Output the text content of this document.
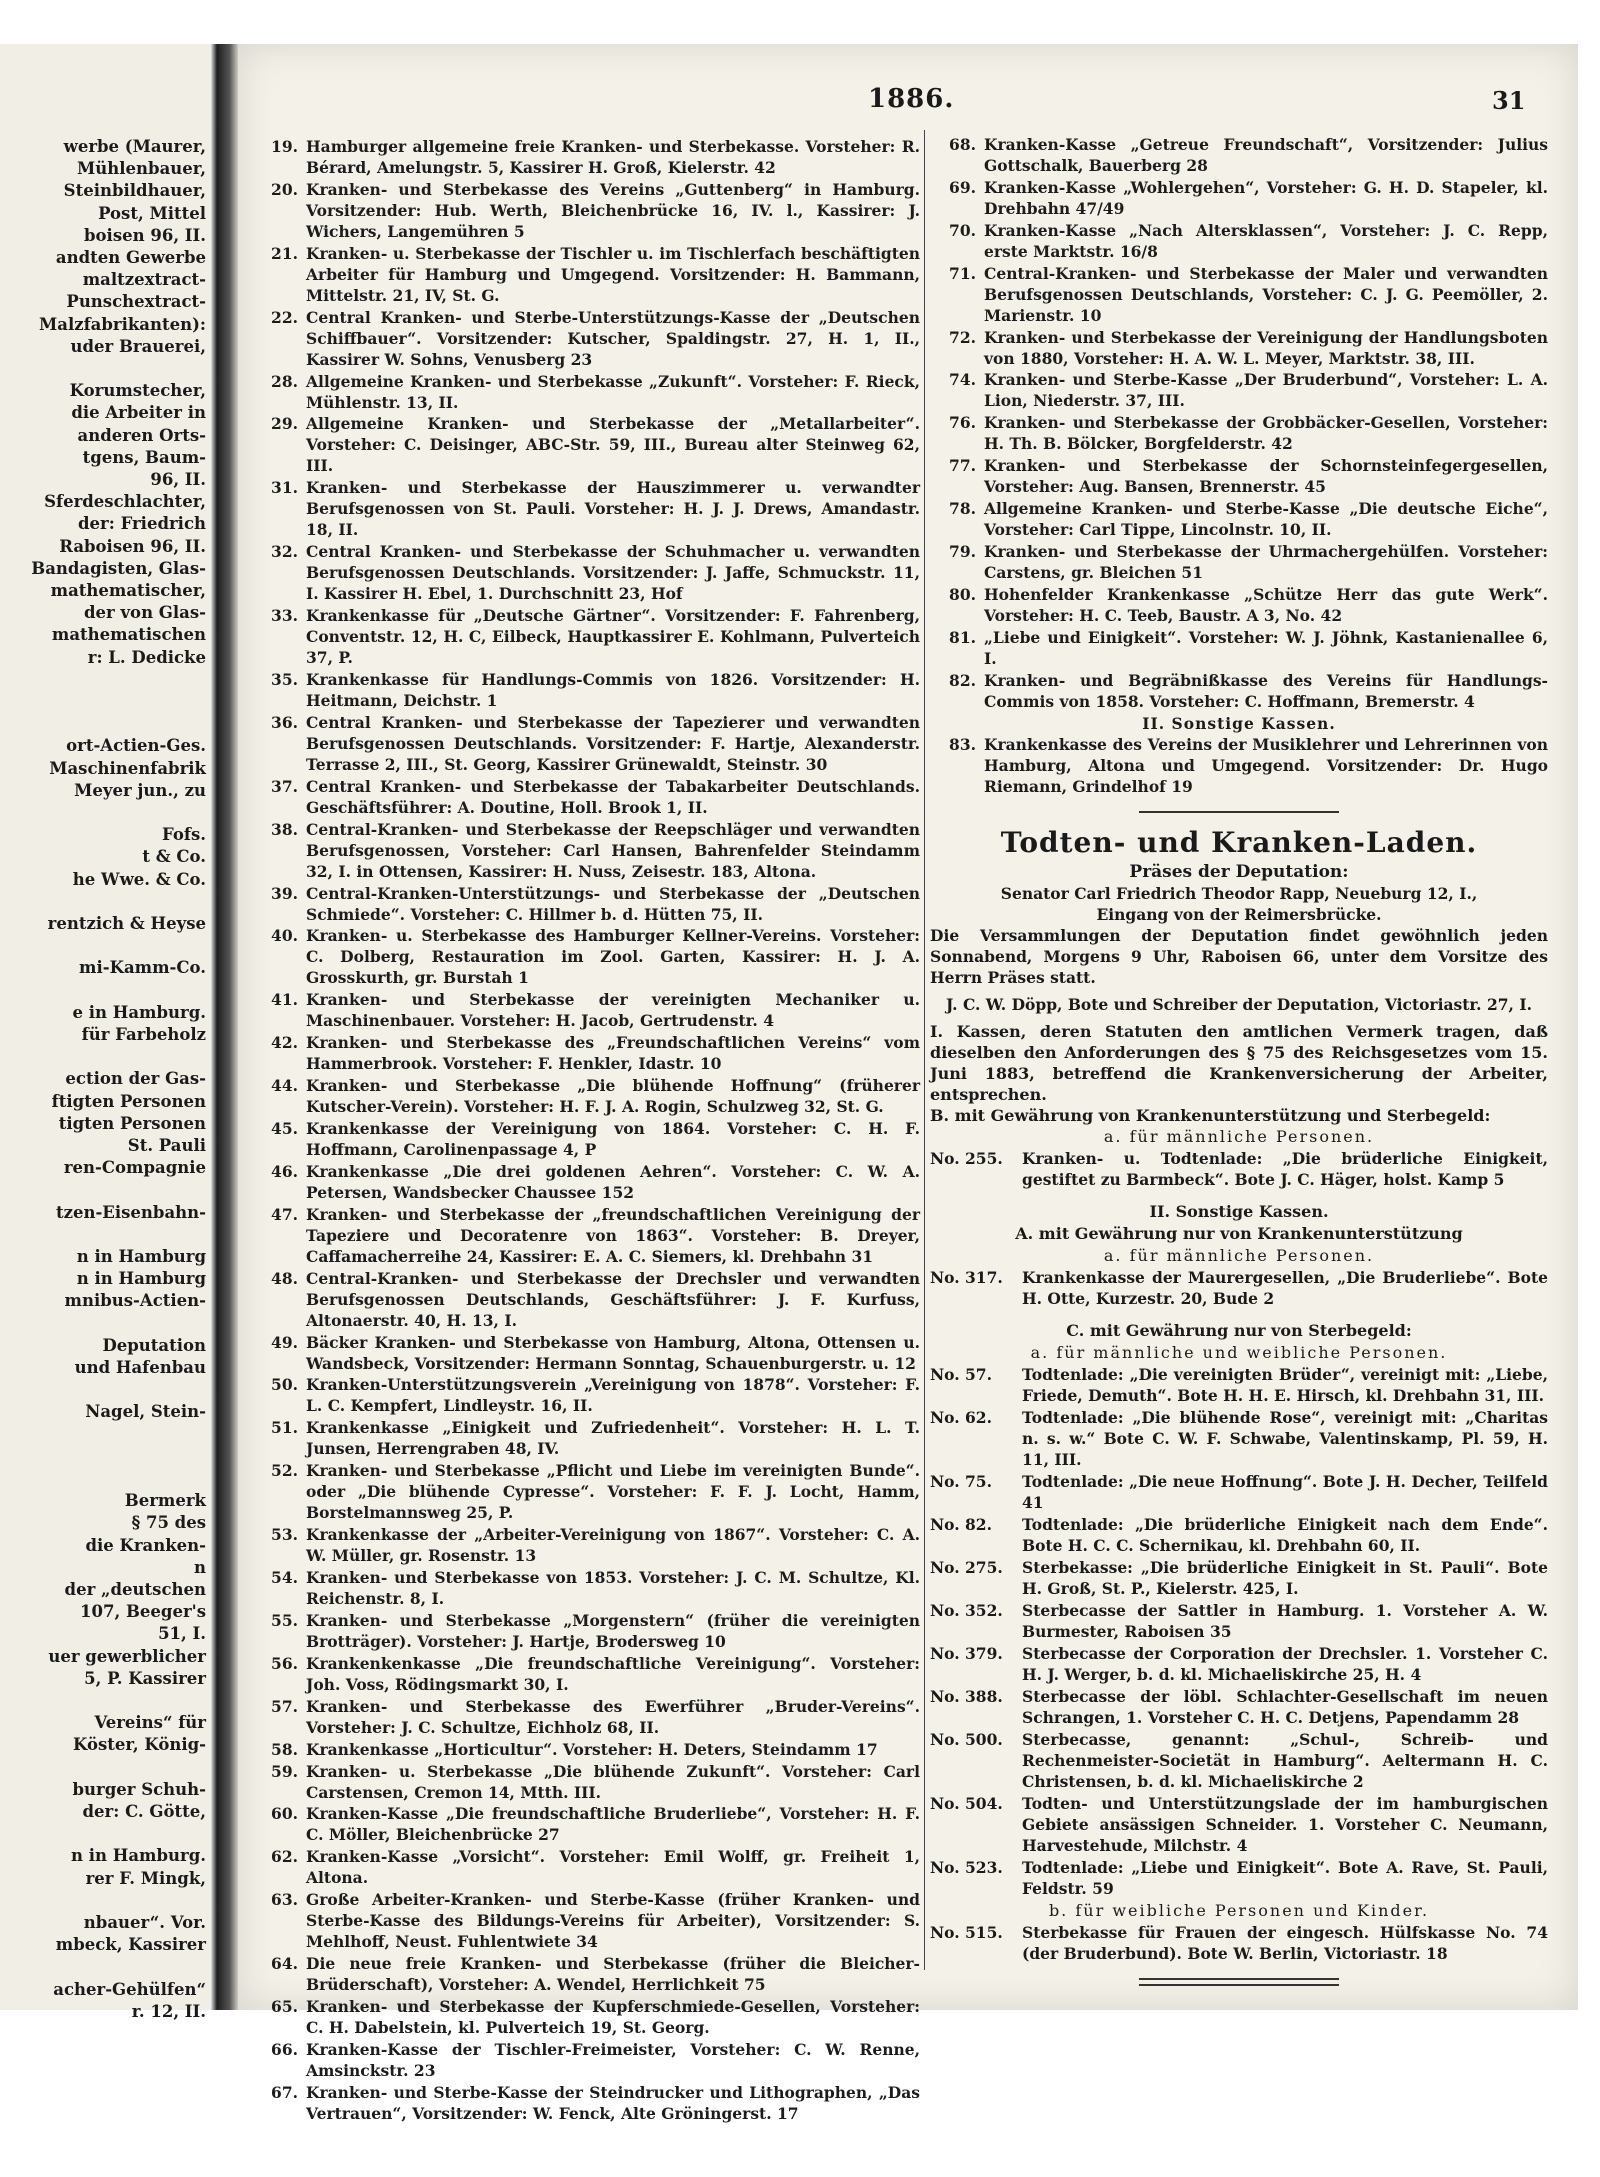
werbe (Maurer,
Mühlenbauer,
Steinbildhauer,
Post, Mittel
boisen 96, II.
andten Gewerbe
maltzextract-
Punschextract-
Malzfabrikanten):
uder Brauerei,
Korumstecher,
die Arbeiter in
anderen Orts-
tgens, Baum-
96, II.
Sferdeschlachter,
der: Friedrich
Raboisen 96, II.
Bandagisten, Glas-
mathematischer,
der von Glas-
mathematischen
r: L. Dedicke
ort-Actien-Ges.
Maschinenfabrik
Meyer jun., zu
Fofs.
t & Co.
he Wwe. & Co.
rentzich & Heyse
mi-Kamm-Co.
e in Hamburg.
für Farbeholz
ection der Gas-
ftigten Personen
tigten Personen
St. Pauli
ren-Compagnie
tzen-Eisenbahn-
n in Hamburg
n in Hamburg
mnibus-Actien-
Deputation
und Hafenbau
Nagel, Stein-
Bermerk
§ 75 des
die Kranken-
n
der „deutschen
107, Beeger's
51, I.
uer gewerblicher
5, P. Kassirer
Vereins“ für
Köster, König-
burger Schuh-
der: C. Götte,
n in Hamburg.
rer F. Mingk,
nbauer“. Vor.
mbeck, Kassirer
acher-Gehülfen“
r. 12, II.
1886.	31
19. Hamburger allgemeine freie Kranken- und Sterbekasse. Vorsteher: R. Bérard, Amelungstr. 5, Kassirer H. Groß, Kielerstr. 42
20. Kranken- und Sterbekasse des Vereins „Guttenberg“ in Hamburg. Vorsitzender: Hub. Werth, Bleichenbrücke 16, IV. l., Kassirer: J. Wichers, Langemühren 5
21. Kranken- u. Sterbekasse der Tischler u. im Tischlerfach beschäftigten Arbeiter für Hamburg und Umgegend. Vorsitzender: H. Bammann, Mittelstr. 21, IV, St. G.
22. Central Kranken- und Sterbe-Unterstützungs-Kasse der „Deutschen Schiffbauer“. Vorsitzender: Kutscher, Spaldingstr. 27, H. 1, II., Kassirer W. Sohns, Venusberg 23
28. Allgemeine Kranken- und Sterbekasse „Zukunft“. Vorsteher: F. Rieck, Mühlenstr. 13, II.
29. Allgemeine Kranken- und Sterbekasse der „Metallarbeiter“. Vorsteher: C. Deisinger, ABC-Str. 59, III., Bureau alter Steinweg 62, III.
31. Kranken- und Sterbekasse der Hauszimmerer u. verwandter Berufsgenossen von St. Pauli. Vorsteher: H. J. J. Drews, Amandastr. 18, II.
32. Central Kranken- und Sterbekasse der Schuhmacher u. verwandten Berufsgenossen Deutschlands. Vorsitzender: J. Jaffe, Schmuckstr. 11, I. Kassirer H. Ebel, 1. Durchschnitt 23, Hof
33. Krankenkasse für „Deutsche Gärtner“. Vorsitzender: F. Fahrenberg, Conventstr. 12, H. C, Eilbeck, Hauptkassirer E. Kohlmann, Pulverteich 37, P.
35. Krankenkasse für Handlungs-Commis von 1826. Vorsitzender: H. Heitmann, Deichstr. 1
36. Central Kranken- und Sterbekasse der Tapezierer und verwandten Berufsgenossen Deutschlands. Vorsitzender: F. Hartje, Alexanderstr. Terrasse 2, III., St. Georg, Kassirer Grünewaldt, Steinstr. 30
37. Central Kranken- und Sterbekasse der Tabakarbeiter Deutschlands. Geschäftsführer: A. Doutine, Holl. Brook 1, II.
38. Central-Kranken- und Sterbekasse der Reepschläger und verwandten Berufsgenossen, Vorsteher: Carl Hansen, Bahrenfelder Steindamm 32, I. in Ottensen, Kassirer: H. Nuss, Zeisestr. 183, Altona.
39. Central-Kranken-Unterstützungs- und Sterbekasse der „Deutschen Schmiede“. Vorsteher: C. Hillmer b. d. Hütten 75, II.
40. Kranken- u. Sterbekasse des Hamburger Kellner-Vereins. Vorsteher: C. Dolberg, Restauration im Zool. Garten, Kassirer: H. J. A. Grosskurth, gr. Burstah 1
41. Kranken- und Sterbekasse der vereinigten Mechaniker u. Maschinenbauer. Vorsteher: H. Jacob, Gertrudenstr. 4
42. Kranken- und Sterbekasse des „Freundschaftlichen Vereins“ vom Hammerbrook. Vorsteher: F. Henkler, Idastr. 10
44. Kranken- und Sterbekasse „Die blühende Hoffnung“ (früherer Kutscher-Verein). Vorsteher: H. F. J. A. Rogin, Schulzweg 32, St. G.
45. Krankenkasse der Vereinigung von 1864. Vorsteher: C. H. F. Hoffmann, Carolinenpassage 4, P
46. Krankenkasse „Die drei goldenen Aehren“. Vorsteher: C. W. A. Petersen, Wandsbecker Chaussee 152
47. Kranken- und Sterbekasse der „freundschaftlichen Vereinigung der Tapeziere und Decoratenre von 1863“. Vorsteher: B. Dreyer, Caffamacherreihe 24, Kassirer: E. A. C. Siemers, kl. Drehbahn 31
48. Central-Kranken- und Sterbekasse der Drechsler und verwandten Berufsgenossen Deutschlands, Geschäftsführer: J. F. Kurfuss, Altonaerstr. 40, H. 13, I.
49. Bäcker Kranken- und Sterbekasse von Hamburg, Altona, Ottensen u. Wandsbeck, Vorsitzender: Hermann Sonntag, Schauenburgerstr. u. 12
50. Kranken-Unterstützungsverein „Vereinigung von 1878“. Vorsteher: F. L. C. Kempfert, Lindleystr. 16, II.
51. Krankenkasse „Einigkeit und Zufriedenheit“. Vorsteher: H. L. T. Junsen, Herrengraben 48, IV.
52. Kranken- und Sterbekasse „Pflicht und Liebe im vereinigten Bunde“. oder „Die blühende Cypresse“. Vorsteher: F. F. J. Locht, Hamm, Borstelmannsweg 25, P.
53. Krankenkasse der „Arbeiter-Vereinigung von 1867“. Vorsteher: C. A. W. Müller, gr. Rosenstr. 13
54. Kranken- und Sterbekasse von 1853. Vorsteher: J. C. M. Schultze, Kl. Reichenstr. 8, I.
55. Kranken- und Sterbekasse „Morgenstern“ (früher die vereinigten Brotträger). Vorsteher: J. Hartje, Brodersweg 10
56. Krankenkenkasse „Die freundschaftliche Vereinigung“. Vorsteher: Joh. Voss, Rödingsmarkt 30, I.
57. Kranken- und Sterbekasse des Ewerführer „Bruder-Vereins“. Vorsteher: J. C. Schultze, Eichholz 68, II.
58. Krankenkasse „Horticultur“. Vorsteher: H. Deters, Steindamm 17
59. Kranken- u. Sterbekasse „Die blühende Zukunft“. Vorsteher: Carl Carstensen, Cremon 14, Mtth. III.
60. Kranken-Kasse „Die freundschaftliche Bruderliebe“, Vorsteher: H. F. C. Möller, Bleichenbrücke 27
62. Kranken-Kasse „Vorsicht“. Vorsteher: Emil Wolff, gr. Freiheit 1, Altona.
63. Große Arbeiter-Kranken- und Sterbe-Kasse (früher Kranken- und Sterbe-Kasse des Bildungs-Vereins für Arbeiter), Vorsitzender: S. Mehlhoff, Neust. Fuhlentwiete 34
64. Die neue freie Kranken- und Sterbekasse (früher die Bleicher-Brüderschaft), Vorsteher: A. Wendel, Herrlichkeit 75
65. Kranken- und Sterbekasse der Kupferschmiede-Gesellen, Vorsteher: C. H. Dabelstein, kl. Pulverteich 19, St. Georg.
66. Kranken-Kasse der Tischler-Freimeister, Vorsteher: C. W. Renne, Amsinckstr. 23
67. Kranken- und Sterbe-Kasse der Steindrucker und Lithographen, „Das Vertrauen“, Vorsitzender: W. Fenck, Alte Gröningerst. 17
68. Kranken-Kasse „Getreue Freundschaft“, Vorsitzender: Julius Gottschalk, Bauerberg 28
69. Kranken-Kasse „Wohlergehen“, Vorsteher: G. H. D. Stapeler, kl. Drehbahn 47/49
70. Kranken-Kasse „Nach Altersklassen“, Vorsteher: J. C. Repp, erste Marktstr. 16/8
71. Central-Kranken- und Sterbekasse der Maler und verwandten Berufsgenossen Deutschlands, Vorsteher: C. J. G. Peemöller, 2. Marienstr. 10
72. Kranken- und Sterbekasse der Vereinigung der Handlungsboten von 1880, Vorsteher: H. A. W. L. Meyer, Marktstr. 38, III.
74. Kranken- und Sterbe-Kasse „Der Bruderbund“, Vorsteher: L. A. Lion, Niederstr. 37, III.
76. Kranken- und Sterbekasse der Grobbäcker-Gesellen, Vorsteher: H. Th. B. Bölcker, Borgfelderstr. 42
77. Kranken- und Sterbekasse der Schornsteinfegergesellen, Vorsteher: Aug. Bansen, Brennerstr. 45
78. Allgemeine Kranken- und Sterbe-Kasse „Die deutsche Eiche“, Vorsteher: Carl Tippe, Lincolnstr. 10, II.
79. Kranken- und Sterbekasse der Uhrmachergehülfen. Vorsteher: Carstens, gr. Bleichen 51
80. Hohenfelder Krankenkasse „Schütze Herr das gute Werk“. Vorsteher: H. C. Teeb, Baustr. A 3, No. 42
81. „Liebe und Einigkeit“. Vorsteher: W. J. Jöhnk, Kastanienallee 6, I.
82. Kranken- und Begräbnißkasse des Vereins für Handlungs-Commis von 1858. Vorsteher: C. Hoffmann, Bremerstr. 4
II. Sonstige Kassen.
83. Krankenkasse des Vereins der Musiklehrer und Lehrerinnen von Hamburg, Altona und Umgegend. Vorsitzender: Dr. Hugo Riemann, Grindelhof 19
Todten- und Kranken-Laden.
Präses der Deputation:
Senator Carl Friedrich Theodor Rapp, Neueburg 12, I.,
Eingang von der Reimersbrücke.
Die Versammlungen der Deputation findet gewöhnlich jeden Sonnabend, Morgens 9 Uhr, Raboisen 66, unter dem Vorsitze des Herrn Präses statt.
J. C. W. Döpp, Bote und Schreiber der Deputation, Victoriastr. 27, I.
I. Kassen, deren Statuten den amtlichen Vermerk tragen, daß dieselben den Anforderungen des § 75 des Reichsgesetzes vom 15. Juni 1883, betreffend die Krankenversicherung der Arbeiter, entsprechen.
B. mit Gewährung von Krankenunterstützung und Sterbegeld:
a. für männliche Personen.
No. 255.	Kranken- u. Todtenlade: „Die brüderliche Einigkeit, gestiftet zu Barmbeck“. Bote J. C. Häger, holst. Kamp 5
II. Sonstige Kassen.
A. mit Gewährung nur von Krankenunterstützung
a. für männliche Personen.
No. 317.	Krankenkasse der Maurergesellen, „Die Bruderliebe“. Bote H. Otte, Kurzestr. 20, Bude 2
C. mit Gewährung nur von Sterbegeld:
a. für männliche und weibliche Personen.
No. 57.	Todtenlade: „Die vereinigten Brüder“, vereinigt mit: „Liebe, Friede, Demuth“. Bote H. H. E. Hirsch, kl. Drehbahn 31, III.
No. 62.	Todtenlade: „Die blühende Rose“, vereinigt mit: „Charitas n. s. w.“ Bote C. W. F. Schwabe, Valentinskamp, Pl. 59, H. 11, III.
No. 75.	Todtenlade: „Die neue Hoffnung“. Bote J. H. Decher, Teilfeld 41
No. 82.	Todtenlade: „Die brüderliche Einigkeit nach dem Ende“. Bote H. C. C. Schernikau, kl. Drehbahn 60, II.
No. 275.	Sterbekasse: „Die brüderliche Einigkeit in St. Pauli“. Bote H. Groß, St. P., Kielerstr. 425, I.
No. 352.	Sterbecasse der Sattler in Hamburg. 1. Vorsteher A. W. Burmester, Raboisen 35
No. 379.	Sterbecasse der Corporation der Drechsler. 1. Vorsteher C. H. J. Werger, b. d. kl. Michaeliskirche 25, H. 4
No. 388.	Sterbecasse der löbl. Schlachter-Gesellschaft im neuen Schrangen, 1. Vorsteher C. H. C. Detjens, Papendamm 28
No. 500.	Sterbecasse, genannt: „Schul-, Schreib- und Rechenmeister-Societät in Hamburg“. Aeltermann H. C. Christensen, b. d. kl. Michaeliskirche 2
No. 504.	Todten- und Unterstützungslade der im hamburgischen Gebiete ansässigen Schneider. 1. Vorsteher C. Neumann, Harvestehude, Milchstr. 4
No. 523.	Todtenlade: „Liebe und Einigkeit“. Bote A. Rave, St. Pauli, Feldstr. 59
b. für weibliche Personen und Kinder.
No. 515.	Sterbekasse für Frauen der eingesch. Hülfskasse No. 74 (der Bruderbund). Bote W. Berlin, Victoriastr. 18
